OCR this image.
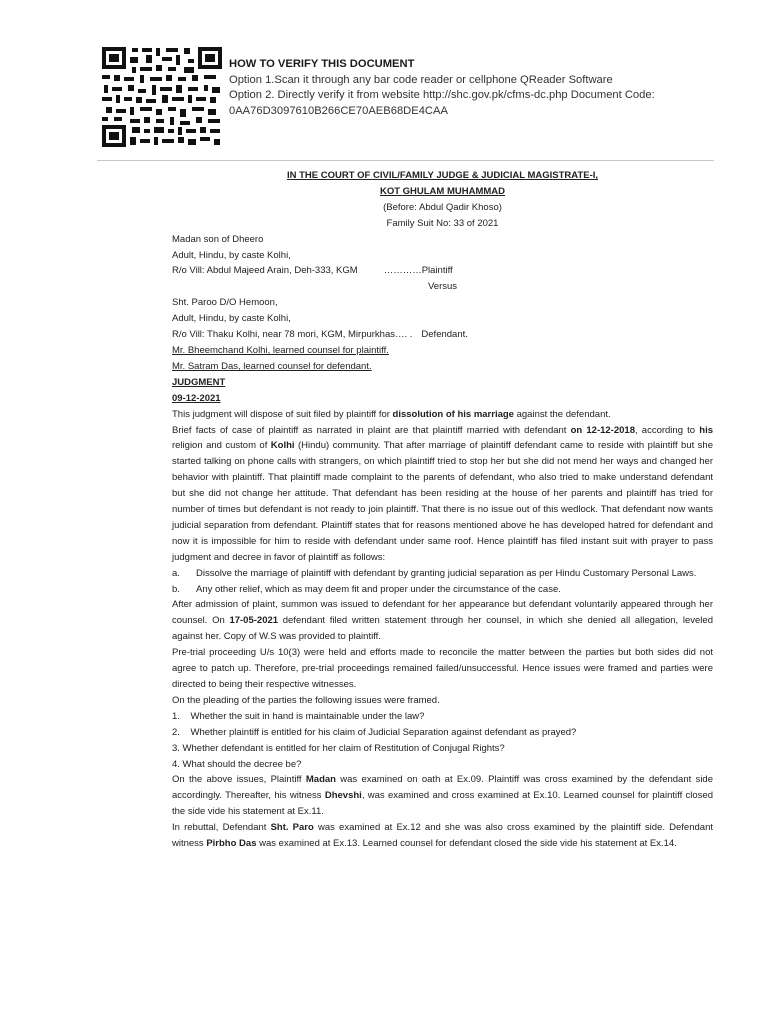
HOW TO VERIFY THIS DOCUMENT
Option 1.Scan it through any bar code reader or cellphone QReader Software
Option 2. Directly verify it from website http://shc.gov.pk/cfms-dc.php Document Code:
0AA76D3097610B266CE70AEB68DE4CAA
IN THE COURT OF CIVIL/FAMILY JUDGE & JUDICIAL MAGISTRATE-I,
KOT GHULAM MUHAMMAD
(Before: Abdul Qadir Khoso)
Family Suit No: 33 of 2021
Madan son of Dheero
Adult, Hindu, by caste Kolhi,
R/o Vill: Abdul Majeed Arain, Deh-333, KGM	…………Plaintiff
Versus
Sht. Paroo D/O Hemoon,
Adult, Hindu, by caste Kolhi,
R/o Vill: Thaku Kolhi, near 78 mori, KGM, Mirpurkhas…. . Defendant.
Mr. Bheemchand Kolhi, learned counsel for plaintiff.
Mr. Satram Das, learned counsel for defendant.
JUDGMENT
09-12-2021
This judgment will dispose of suit filed by plaintiff for dissolution of his marriage against the defendant.
Brief facts of case of plaintiff as narrated in plaint are that plaintiff married with defendant on 12-12-2018, according to his religion and custom of Kolhi (Hindu) community. That after marriage of plaintiff defendant came to reside with plaintiff but she started talking on phone calls with strangers, on which plaintiff tried to stop her but she did not mend her ways and changed her behavior with plaintiff. That plaintiff made complaint to the parents of defendant, who also tried to make understand defendant but she did not change her attitude. That defendant has been residing at the house of her parents and plaintiff has tried for number of times but defendant is not ready to join plaintiff. That there is no issue out of this wedlock. That defendant now wants judicial separation from defendant. Plaintiff states that for reasons mentioned above he has developed hatred for defendant and now it is impossible for him to reside with defendant under same roof. Hence plaintiff has filed instant suit with prayer to pass judgment and decree in favor of plaintiff as follows:
a. Dissolve the marriage of plaintiff with defendant by granting judicial separation as per Hindu Customary Personal Laws.
b. Any other relief, which as may deem fit and proper under the circumstance of the case.
After admission of plaint, summon was issued to defendant for her appearance but defendant voluntarily appeared through her counsel. On 17-05-2021 defendant filed written statement through her counsel, in which she denied all allegation, leveled against her. Copy of W.S was provided to plaintiff.
Pre-trial proceeding U/s 10(3) were held and efforts made to reconcile the matter between the parties but both sides did not agree to patch up. Therefore, pre-trial proceedings remained failed/unsuccessful. Hence issues were framed and parties were directed to being their respective witnesses.
On the pleading of the parties the following issues were framed.
1.    Whether the suit in hand is maintainable under the law?
2.    Whether plaintiff is entitled for his claim of Judicial Separation against defendant as prayed?
3. Whether defendant is entitled for her claim of Restitution of Conjugal Rights?
4. What should the decree be?
On the above issues, Plaintiff Madan was examined on oath at Ex.09. Plaintiff was cross examined by the defendant side accordingly. Thereafter, his witness Dhevshi, was examined and cross examined at Ex.10. Learned counsel for plaintiff closed the side vide his statement at Ex.11.
In rebuttal, Defendant Sht. Paro was examined at Ex.12 and she was also cross examined by the plaintiff side. Defendant witness Pirbho Das was examined at Ex.13. Learned counsel for defendant closed the side vide his statement at Ex.14.
